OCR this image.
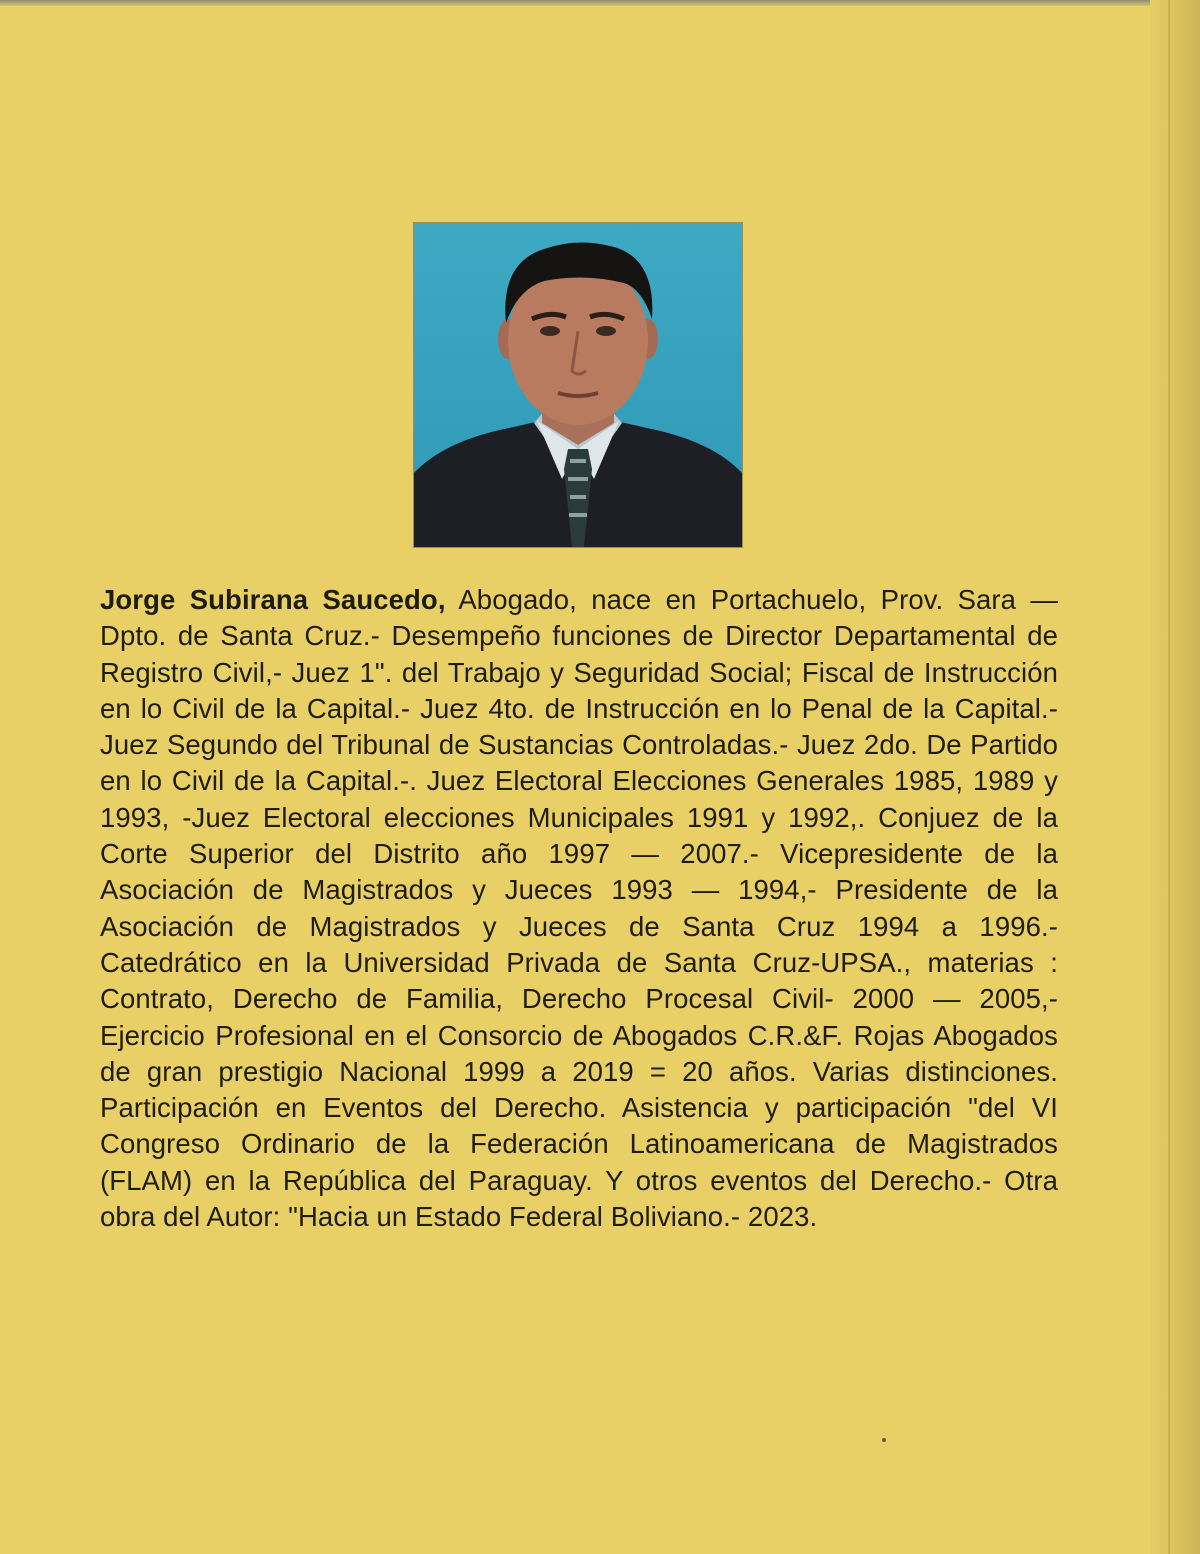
Jorge Subirana Saucedo, Abogado, nace en Portachuelo, Prov. Sara — Dpto. de Santa Cruz.- Desempeño funciones de Director Departamental de Registro Civil,- Juez 1". del Trabajo y Seguridad Social; Fiscal de Instrucción en lo Civil de la Capital.- Juez 4to. de Instrucción en lo Penal de la Capital.- Juez Segundo del Tribunal de Sustancias Controladas.- Juez 2do. De Partido en lo Civil de la Capital.-. Juez Electoral Elecciones Generales 1985, 1989 y 1993, -Juez Electoral elecciones Municipales 1991 y 1992,. Conjuez de la Corte Superior del Distrito año 1997 — 2007.- Vicepresidente de la Asociación de Magistrados y Jueces 1993 — 1994,- Presidente de la Asociación de Magistrados y Jueces de Santa Cruz 1994 a 1996.- Catedrático en la Universidad Privada de Santa Cruz-UPSA., materias : Contrato, Derecho de Familia, Derecho Procesal Civil- 2000 — 2005,- Ejercicio Profesional en el Consorcio de Abogados C.R.&F. Rojas Abogados de gran prestigio Nacional 1999 a 2019 = 20 años. Varias distinciones. Participación en Eventos del Derecho. Asistencia y participación "del VI Congreso Ordinario de la Federación Latinoamericana de Magistrados (FLAM) en la República del Paraguay. Y otros eventos del Derecho.- Otra obra del Autor: "Hacia un Estado Federal Boliviano.- 2023.
